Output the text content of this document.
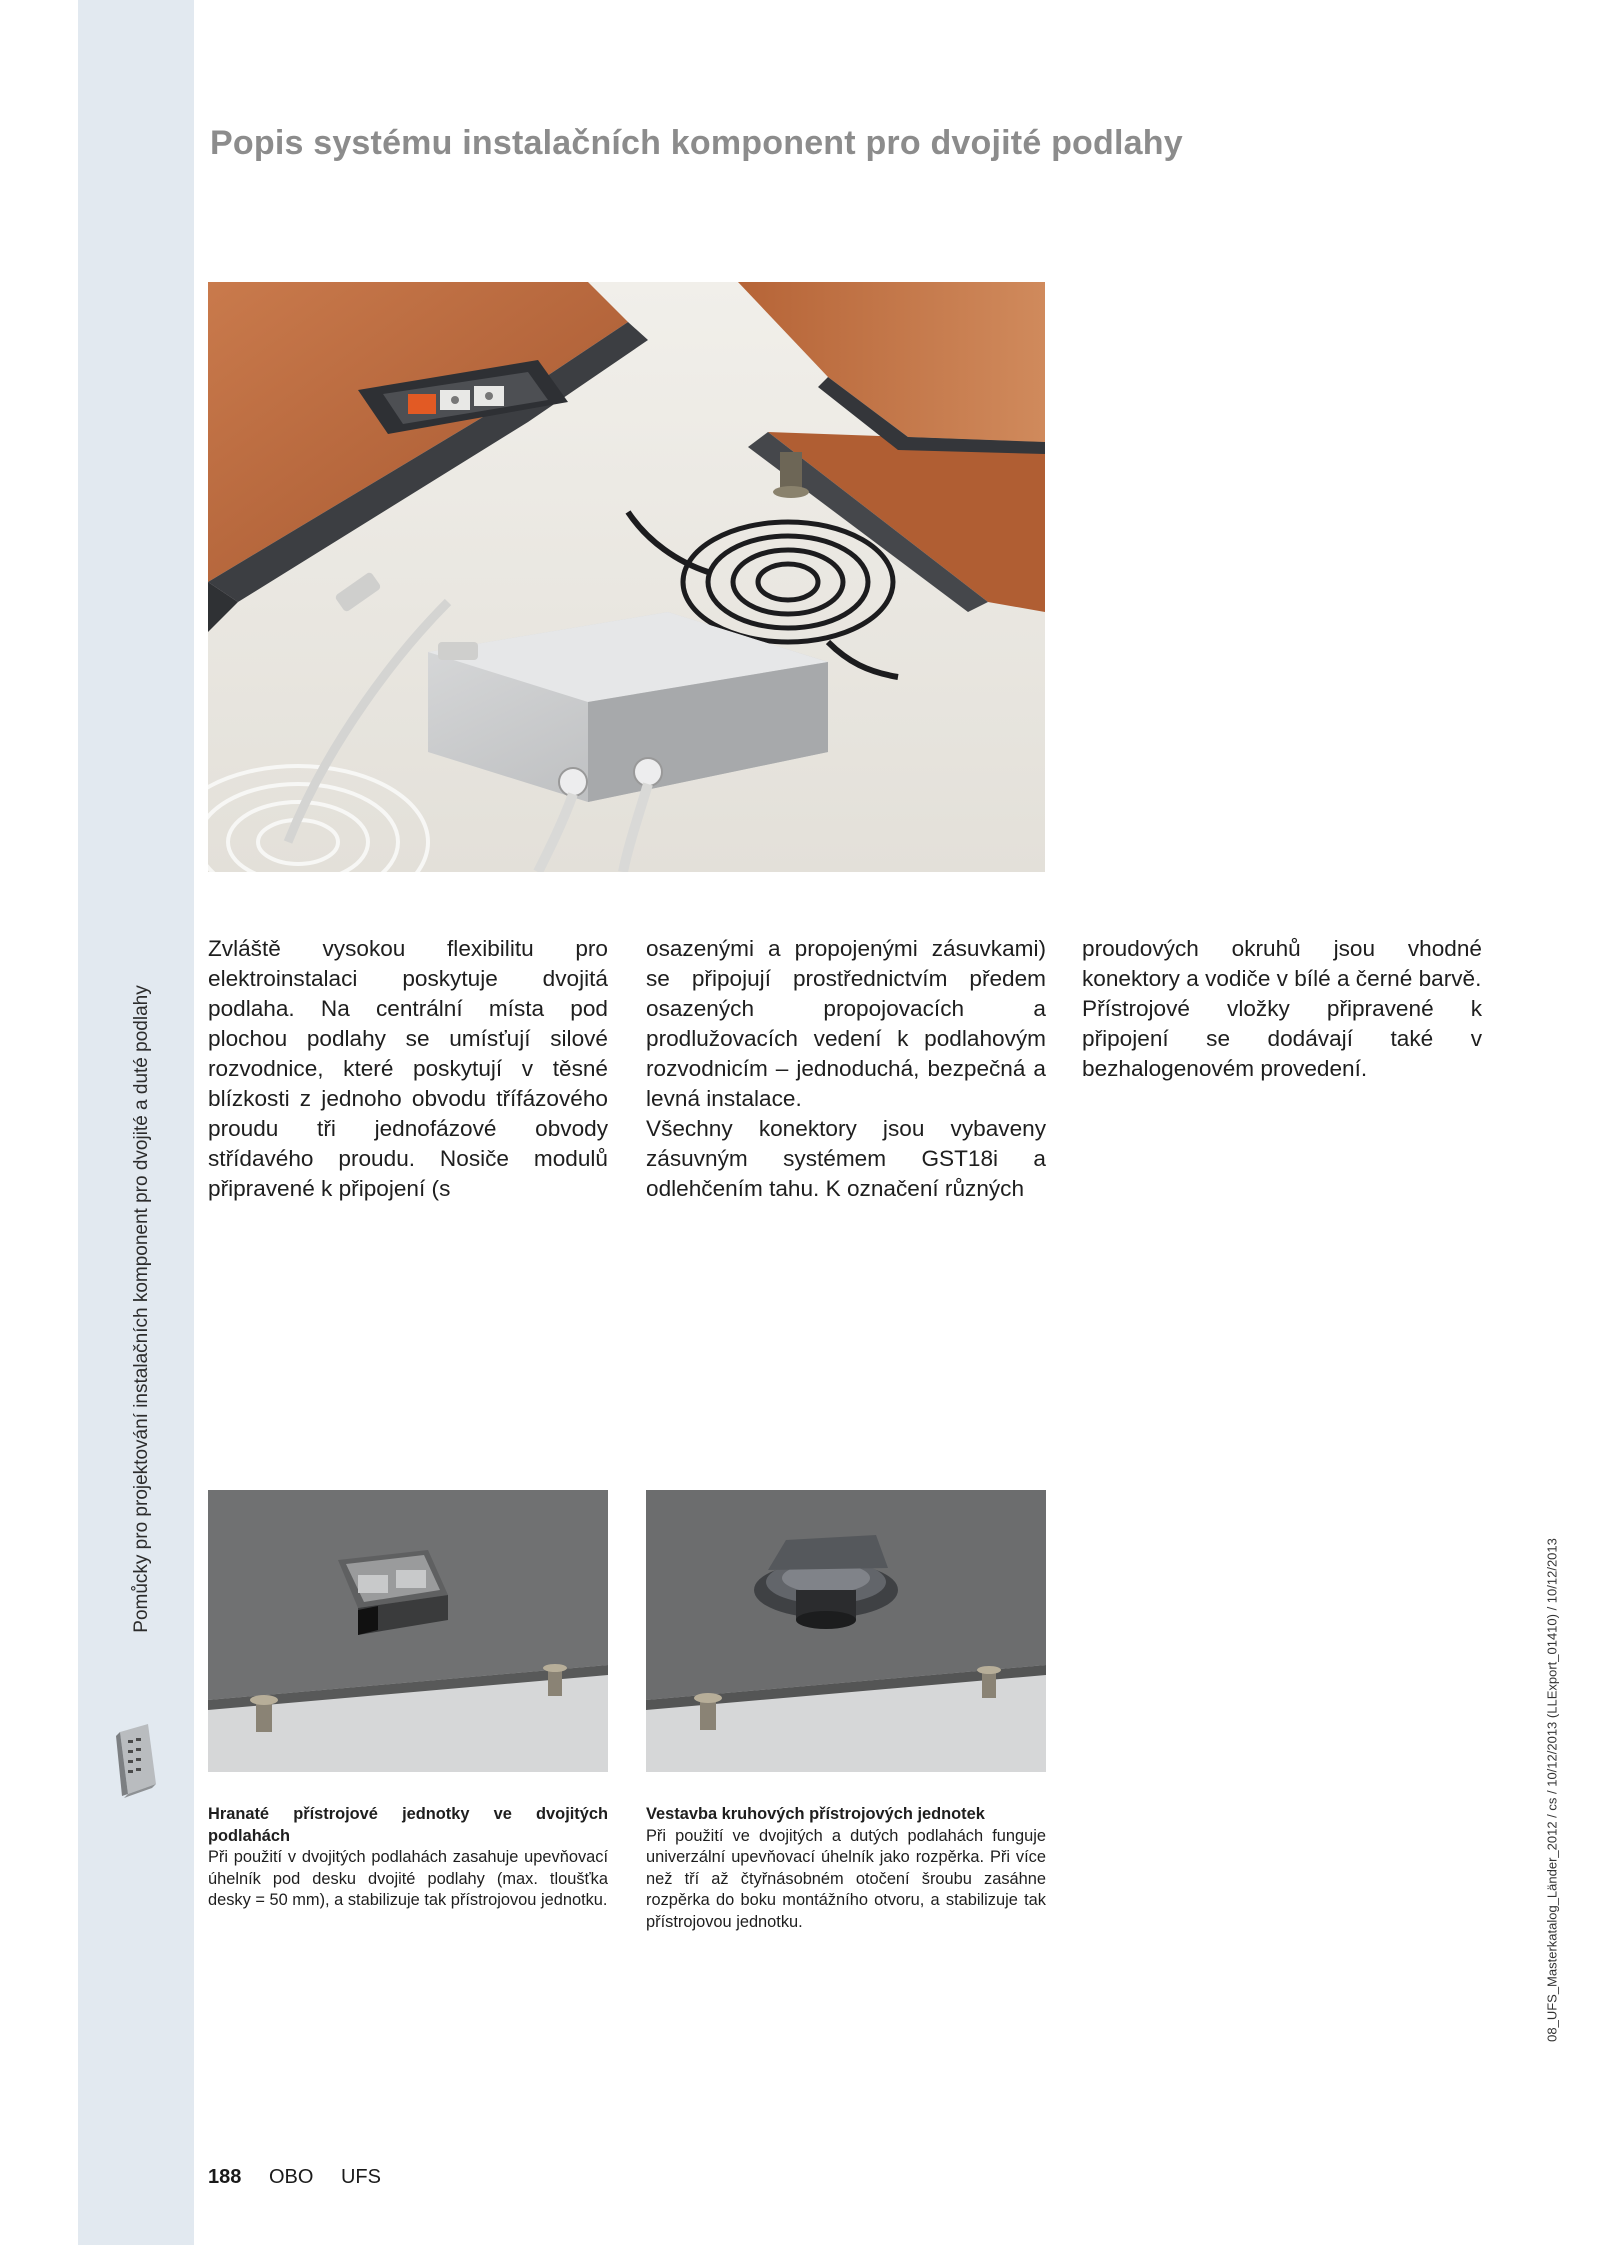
Pomůcky pro projektování instalačních komponent pro dvojité a duté podlahy
08_UFS_Masterkatalog_Länder_2012 / cs / 10/12/2013 (LLExport_01410) / 10/12/2013
Popis systému instalačních komponent pro dvojité podlahy

Zvláště vysokou flexibilitu pro elektroinstalaci poskytuje dvojitá podlaha. Na centrální místa pod plochou podlahy se umísťují silové rozvodnice, které poskytují v těsné blízkosti z jednoho obvodu třífázového proudu tři jednofázové obvody střídavého proudu. Nosiče modulů připravené k připojení (s

osazenými a propojenými zásuvkami) se připojují prostřednictvím předem osazených propojovacích a prodlužovacích vedení k podlahovým rozvodnicím – jednoduchá, bezpečná a levná instalace.

Všechny konektory jsou vybaveny zásuvným systémem GST18i a odlehčením tahu. K označení různých

proudových okruhů jsou vhodné konektory a vodiče v bílé a černé barvě.

Přístrojové vložky připravené k připojení se dodávají také v bezhalogenovém provedení.

Hranaté přístrojové jednotky ve dvojitých podlahách

Při použití v dvojitých podlahách zasahuje upevňovací úhelník pod desku dvojité podlahy (max. tloušťka desky = 50 mm), a stabilizuje tak přístrojovou jednotku.

Vestavba kruhových přístrojových jednotek

Při použití ve dvojitých a dutých podlahách funguje univerzální upevňovací úhelník jako rozpěrka. Při více než tří až čtyřnásobném otočení šroubu zasáhne rozpěrka do boku montážního otvoru, a stabilizuje tak přístrojovou jednotku.

188 OBO UFS
